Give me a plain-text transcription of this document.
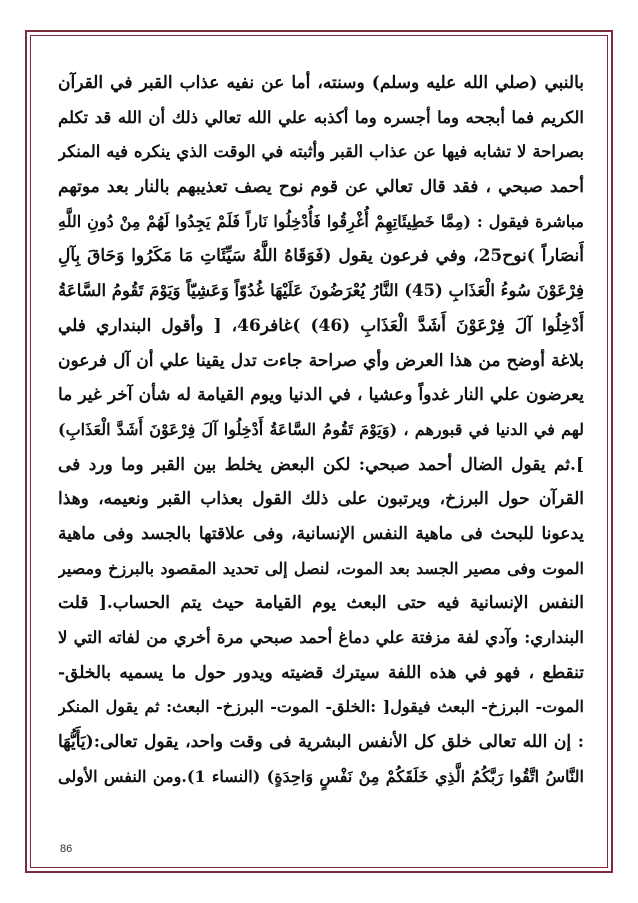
بالنبي (صلي الله عليه وسلم) وسنته، أما عن نفيه عذاب القبر في القرآن
الكريم فما أبجحه وما أجسره وما أكذبه علي الله تعالي ذلك أن الله قد تكلم
بصراحة لا تشابه فيها عن عذاب القبر وأثبته في الوقت الذي ينكره فيه المنكر
أحمد صبحي ، فقد قال تعالي عن قوم نوح يصف تعذيبهم بالنار بعد موتهم
مباشرة فيقول : (مِمَّا خَطِيئَاتِهِمْ أُغْرِقُوا فَأُدْخِلُوا نَاراً فَلَمْ يَجِدُوا لَهُمْ مِنْ دُونِ اللَّهِ
أَنصَاراً )نوح25، وفي فرعون يقول (فَوَقَاهُ اللَّهُ سَيِّئَاتِ مَا مَكَرُوا وَحَاقَ بِآلِ
فِرْعَوْنَ سُوءُ الْعَذَابِ (45) النَّارُ يُعْرَضُونَ عَلَيْهَا غُدُوّاً وَعَشِيّاً وَيَوْمَ تَقُومُ السَّاعَةُ
أَدْخِلُوا آلَ فِرْعَوْنَ أَشَدَّ الْعَذَابِ (46) )غافر46، [ وأقول البنداري فلي
بلاغة أوضح من هذا العرض وأي صراحة جاءت تدل يقينا علي أن آل فرعون
يعرضون علي النار غدواً وعشيا ، في الدنيا ويوم القيامة له شأن آخر غير ما
لهم في الدنيا في قبورهم ، (وَيَوْمَ تَقُومُ السَّاعَةُ أَدْخِلُوا آلَ فِرْعَوْنَ أَشَدَّ الْعَذَابِ)
].ثم يقول الضال أحمد صبحي: لكن البعض يخلط بين القبر وما ورد فى
القرآن حول البرزخ، ويرتبون على ذلك القول بعذاب القبر ونعيمه، وهذا
يدعونا للبحث فى ماهية النفس الإنسانية، وفى علاقتها بالجسد وفى ماهية
الموت وفى مصير الجسد بعد الموت، لنصل إلى تحديد المقصود بالبرزخ ومصير
النفس الإنسانية فيه حتى البعث يوم القيامة حيث يتم الحساب.[ قلت
البنداري: وآدي لفة مزفتة علي دماغ أحمد صبحي مرة أخري من لفاته التي لا
تنقطع ، فهو في هذه اللفة سيترك قضيته ويدور حول ما يسميه بالخلق-
الموت- البرزخ- البعث فيقول[ :الخلق- الموت- البرزخ- البعث: ثم يقول المنكر
: إن الله تعالى خلق كل الأنفس البشرية فى وقت واحد، يقول تعالى:(يَأَيُّهَا
النَّاسُ اتَّقُوا رَبَّكُمُ الَّذِي خَلَقَكُمْ مِنْ نَفْسٍ وَاحِدَةٍ) (النساء 1).ومن النفس الأولى
86
